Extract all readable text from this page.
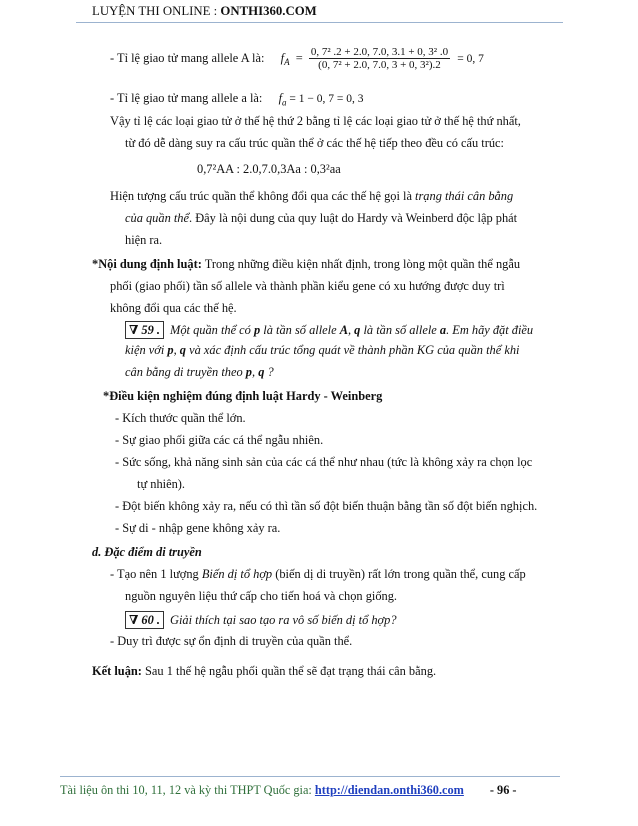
LUYỆN THI ONLINE : ONTHI360.COM
- Tỉ lệ giao tử mang allele A là: $f_A = \frac{\text{0, 7² .2 + 2.0, 7.0, 3.1 + 0, 3² .0}}{\text{(0, 7² + 2.0, 7.0, 3 + 0, 3²).2}} = 0$, 7
- Tỉ lệ giao tử mang allele a là: $f_a = 1 - 0$, 7 = 0, 3
Vậy tỉ lệ các loại giao tử ở thế hệ thứ 2 bằng tỉ lệ các loại giao tử ở thế hệ thứ nhất,
từ đó dễ dàng suy ra cấu trúc quần thể ở các thế hệ tiếp theo đều có cấu trúc:
0,7²AA : 2.0,7.0,3Aa : 0,3²aa
Hiện tượng cấu trúc quần thể không đổi qua các thế hệ gọi là trạng thái cân bằng
của quần thể. Đây là nội dung của quy luật do Hardy và Weinberd độc lập phát
hiện ra.
*Nội dung định luật: Trong những điều kiện nhất định, trong lòng một quần thể ngẫu
phối (giao phối) tần số allele và thành phần kiểu gene có xu hướng được duy trì
không đổi qua các thế hệ.
∇ 59 . Một quần thể có p là tần số allele A, q là tần số allele a. Em hãy đặt điều
kiện với p, q và xác định cấu trúc tổng quát về thành phần KG của quần thể khi
cân bằng di truyền theo p, q ?
*Điều kiện nghiệm đúng định luật Hardy - Weinberg
- Kích thước quần thể lớn.
- Sự giao phối giữa các cá thể ngẫu nhiên.
- Sức sống, khả năng sinh sản của các cá thể như nhau (tức là không xảy ra chọn lọc
tự nhiên).
- Đột biến không xảy ra, nếu có thì tần số đột biến thuận bằng tần số đột biến nghịch.
- Sự di - nhập gene không xảy ra.
d. Đặc điểm di truyền
- Tạo nên 1 lượng Biến dị tổ hợp (biến dị di truyền) rất lớn trong quần thể, cung cấp
nguồn nguyên liệu thứ cấp cho tiến hoá và chọn giống.
∇ 60 . Giải thích tại sao tạo ra vô số biến dị tổ hợp?
- Duy trì được sự ổn định di truyền của quần thể.
Kết luận: Sau 1 thế hệ ngẫu phối quần thể sẽ đạt trạng thái cân bằng.
Tài liệu ôn thi 10, 11, 12 và kỳ thi THPT Quốc gia: http://diendan.onthi360.com - 96 -
